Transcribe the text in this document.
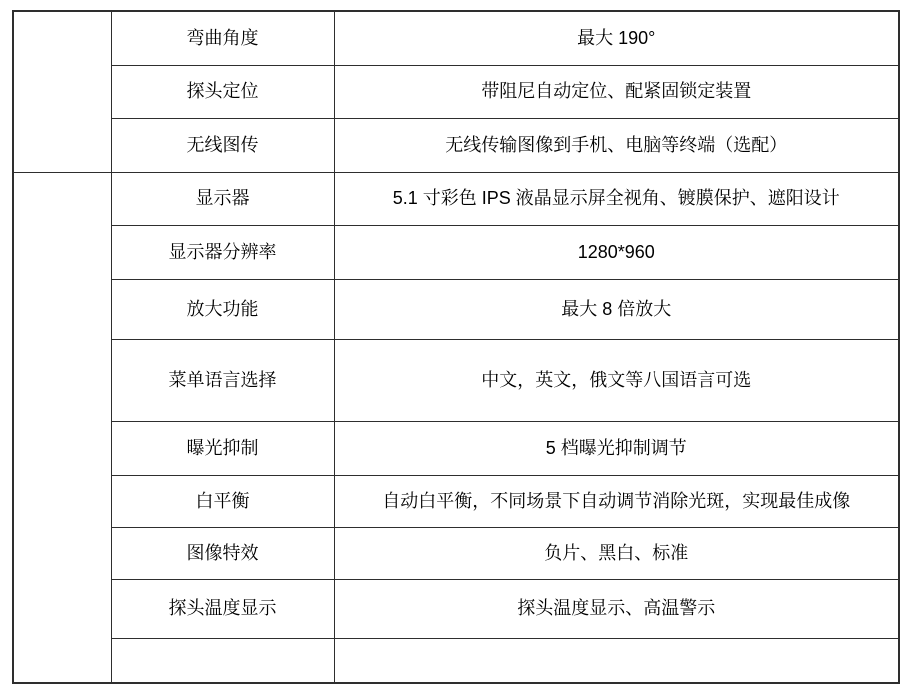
	弯曲角度	最大 190°
	探头定位	带阻尼自动定位、配紧固锁定装置
	无线图传	无线传输图像到手机、电脑等终端（选配）
	显示器	5.1 寸彩色 IPS 液晶显示屏全视角、镀膜保护、遮阳设计
	显示器分辨率	1280*960
	放大功能	最大 8 倍放大
	菜单语言选择	中文，英文，俄文等八国语言可选
	曝光抑制	5 档曝光抑制调节
	白平衡	自动白平衡，不同场景下自动调节消除光斑，实现最佳成像
	图像特效	负片、黑白、标准
	探头温度显示	探头温度显示、高温警示
